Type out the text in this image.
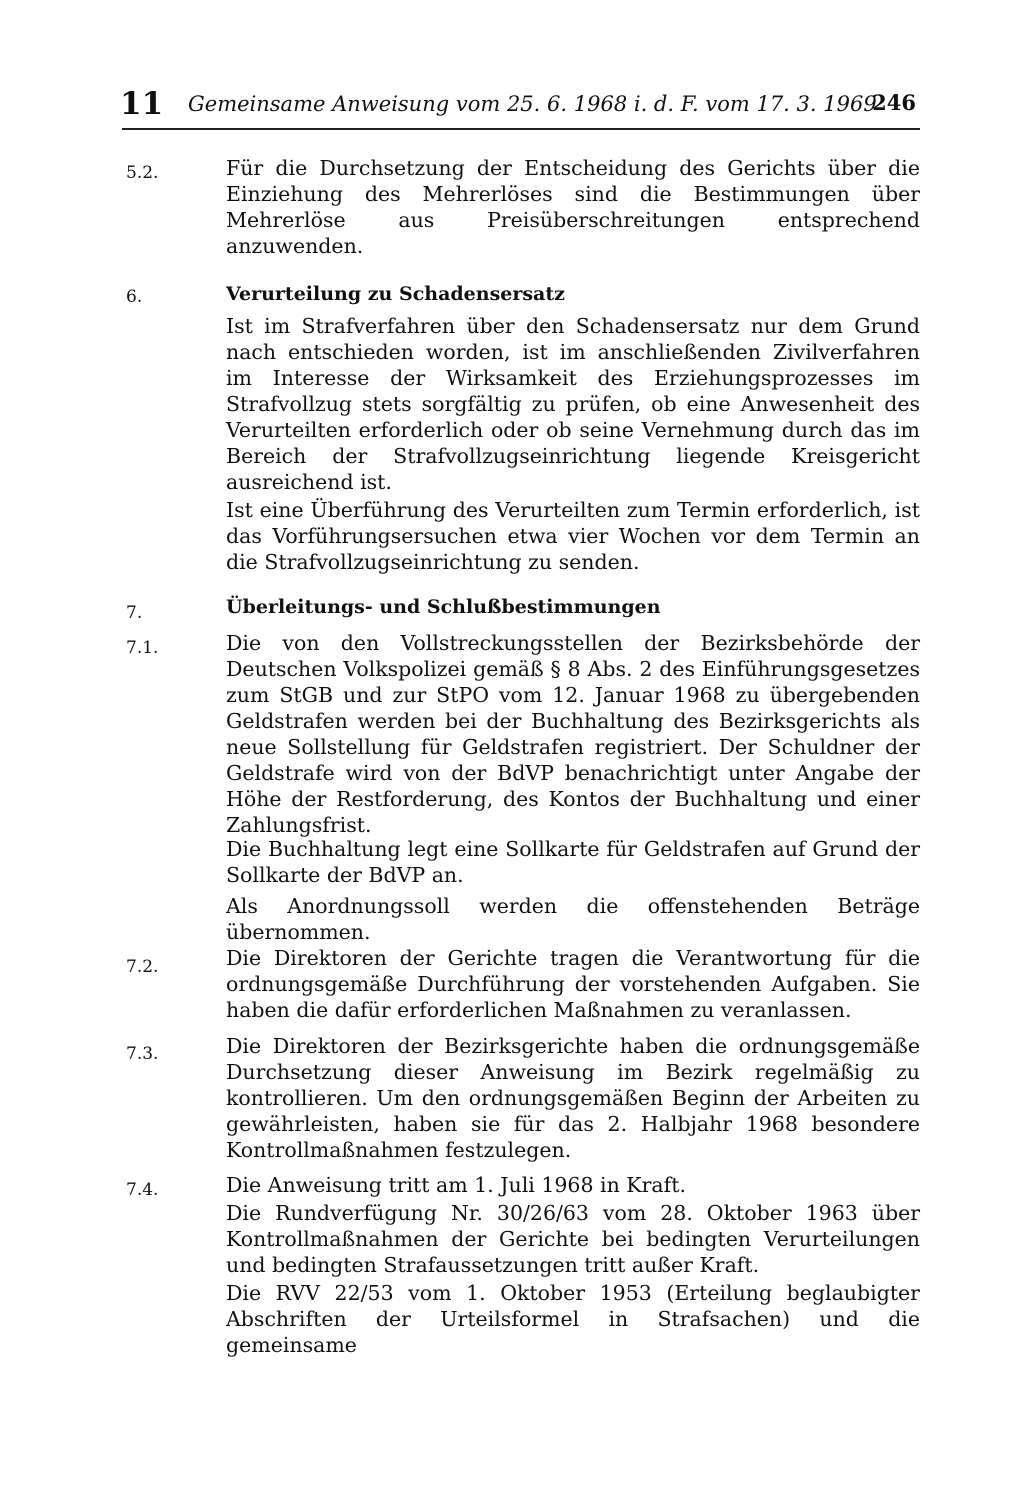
11 Gemeinsame Anweisung vom 25. 6. 1968 i. d. F. vom 17. 3. 1969
246
5.2.	Für die Durchsetzung der Entscheidung des Gerichts über die Einziehung des Mehrerlöses sind die Bestimmungen über Mehrerlöse aus Preisüberschreitungen entsprechend anzuwenden.

6.	Verurteilung zu Schadensersatz

Ist im Strafverfahren über den Schadensersatz nur dem Grund nach entschieden worden, ist im anschließenden Zivilverfahren im Interesse der Wirksamkeit des Erziehungsprozesses im Strafvollzug stets sorgfältig zu prüfen, ob eine Anwesenheit des Verurteilten erforderlich oder ob seine Vernehmung durch das im Bereich der Strafvollzugseinrichtung liegende Kreisgericht ausreichend ist.

Ist eine Überführung des Verurteilten zum Termin erforderlich, ist das Vorführungsersuchen etwa vier Wochen vor dem Termin an die Strafvollzugseinrichtung zu senden.

7.	Überleitungs- und Schlußbestimmungen

7.1.	Die von den Vollstreckungsstellen der Bezirksbehörde der Deutschen Volkspolizei gemäß § 8 Abs. 2 des Einführungsgesetzes zum StGB und zur StPO vom 12. Januar 1968 zu übergebenden Geldstrafen werden bei der Buchhaltung des Bezirksgerichts als neue Sollstellung für Geldstrafen registriert. Der Schuldner der Geldstrafe wird von der BdVP benachrichtigt unter Angabe der Höhe der Restforderung, des Kontos der Buchhaltung und einer Zahlungsfrist.

Die Buchhaltung legt eine Sollkarte für Geldstrafen auf Grund der Sollkarte der BdVP an.

Als Anordnungssoll werden die offenstehenden Beträge übernommen.

7.2.	Die Direktoren der Gerichte tragen die Verantwortung für die ordnungsgemäße Durchführung der vorstehenden Aufgaben. Sie haben die dafür erforderlichen Maßnahmen zu veranlassen.

7.3.	Die Direktoren der Bezirksgerichte haben die ordnungsgemäße Durchsetzung dieser Anweisung im Bezirk regelmäßig zu kontrollieren. Um den ordnungsgemäßen Beginn der Arbeiten zu gewährleisten, haben sie für das 2. Halbjahr 1968 besondere Kontrollmaßnahmen festzulegen.

7.4.	Die Anweisung tritt am 1. Juli 1968 in Kraft.

Die Rundverfügung Nr. 30/26/63 vom 28. Oktober 1963 über Kontrollmaßnahmen der Gerichte bei bedingten Verurteilungen und bedingten Strafaussetzungen tritt außer Kraft.

Die RVV 22/53 vom 1. Oktober 1953 (Erteilung beglaubigter Abschriften der Urteilsformel in Strafsachen) und die gemeinsame
